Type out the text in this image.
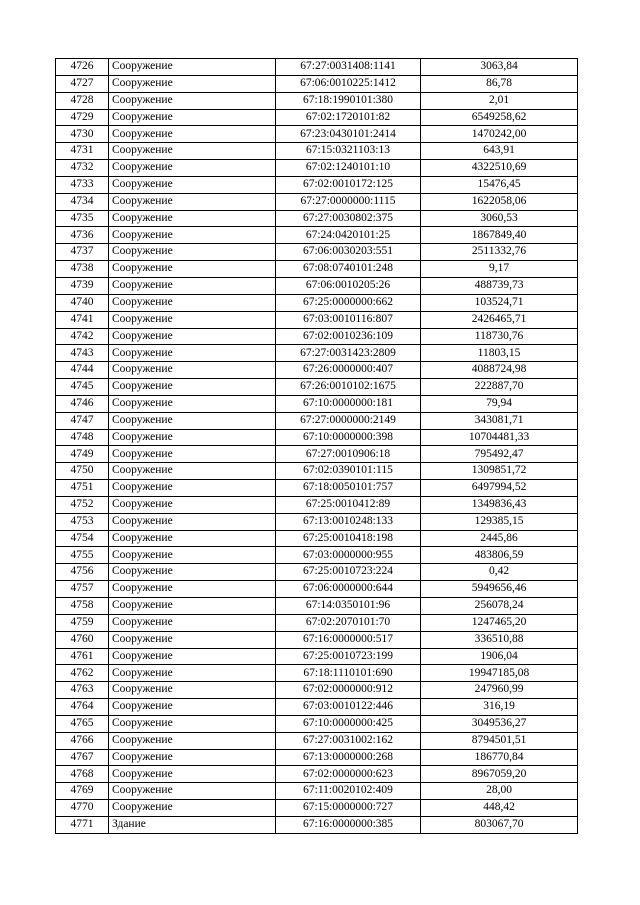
4726	Сооружение	67:27:0031408:1141	3063,84
4727	Сооружение	67:06:0010225:1412	86,78
4728	Сооружение	67:18:1990101:380	2,01
4729	Сооружение	67:02:1720101:82	6549258,62
4730	Сооружение	67:23:0430101:2414	1470242,00
4731	Сооружение	67:15:0321103:13	643,91
4732	Сооружение	67:02:1240101:10	4322510,69
4733	Сооружение	67:02:0010172:125	15476,45
4734	Сооружение	67:27:0000000:1115	1622058,06
4735	Сооружение	67:27:0030802:375	3060,53
4736	Сооружение	67:24:0420101:25	1867849,40
4737	Сооружение	67:06:0030203:551	2511332,76
4738	Сооружение	67:08:0740101:248	9,17
4739	Сооружение	67:06:0010205:26	488739,73
4740	Сооружение	67:25:0000000:662	103524,71
4741	Сооружение	67:03:0010116:807	2426465,71
4742	Сооружение	67:02:0010236:109	118730,76
4743	Сооружение	67:27:0031423:2809	11803,15
4744	Сооружение	67:26:0000000:407	4088724,98
4745	Сооружение	67:26:0010102:1675	222887,70
4746	Сооружение	67:10:0000000:181	79,94
4747	Сооружение	67:27:0000000:2149	343081,71
4748	Сооружение	67:10:0000000:398	10704481,33
4749	Сооружение	67:27:0010906:18	795492,47
4750	Сооружение	67:02:0390101:115	1309851,72
4751	Сооружение	67:18:0050101:757	6497994,52
4752	Сооружение	67:25:0010412:89	1349836,43
4753	Сооружение	67:13:0010248:133	129385,15
4754	Сооружение	67:25:0010418:198	2445,86
4755	Сооружение	67:03:0000000:955	483806,59
4756	Сооружение	67:25:0010723:224	0,42
4757	Сооружение	67:06:0000000:644	5949656,46
4758	Сооружение	67:14:0350101:96	256078,24
4759	Сооружение	67:02:2070101:70	1247465,20
4760	Сооружение	67:16:0000000:517	336510,88
4761	Сооружение	67:25:0010723:199	1906,04
4762	Сооружение	67:18:1110101:690	19947185,08
4763	Сооружение	67:02:0000000:912	247960,99
4764	Сооружение	67:03:0010122:446	316,19
4765	Сооружение	67:10:0000000:425	3049536,27
4766	Сооружение	67:27:0031002:162	8794501,51
4767	Сооружение	67:13:0000000:268	186770,84
4768	Сооружение	67:02:0000000:623	8967059,20
4769	Сооружение	67:11:0020102:409	28,00
4770	Сооружение	67:15:0000000:727	448,42
4771	Здание	67:16:0000000:385	803067,70
